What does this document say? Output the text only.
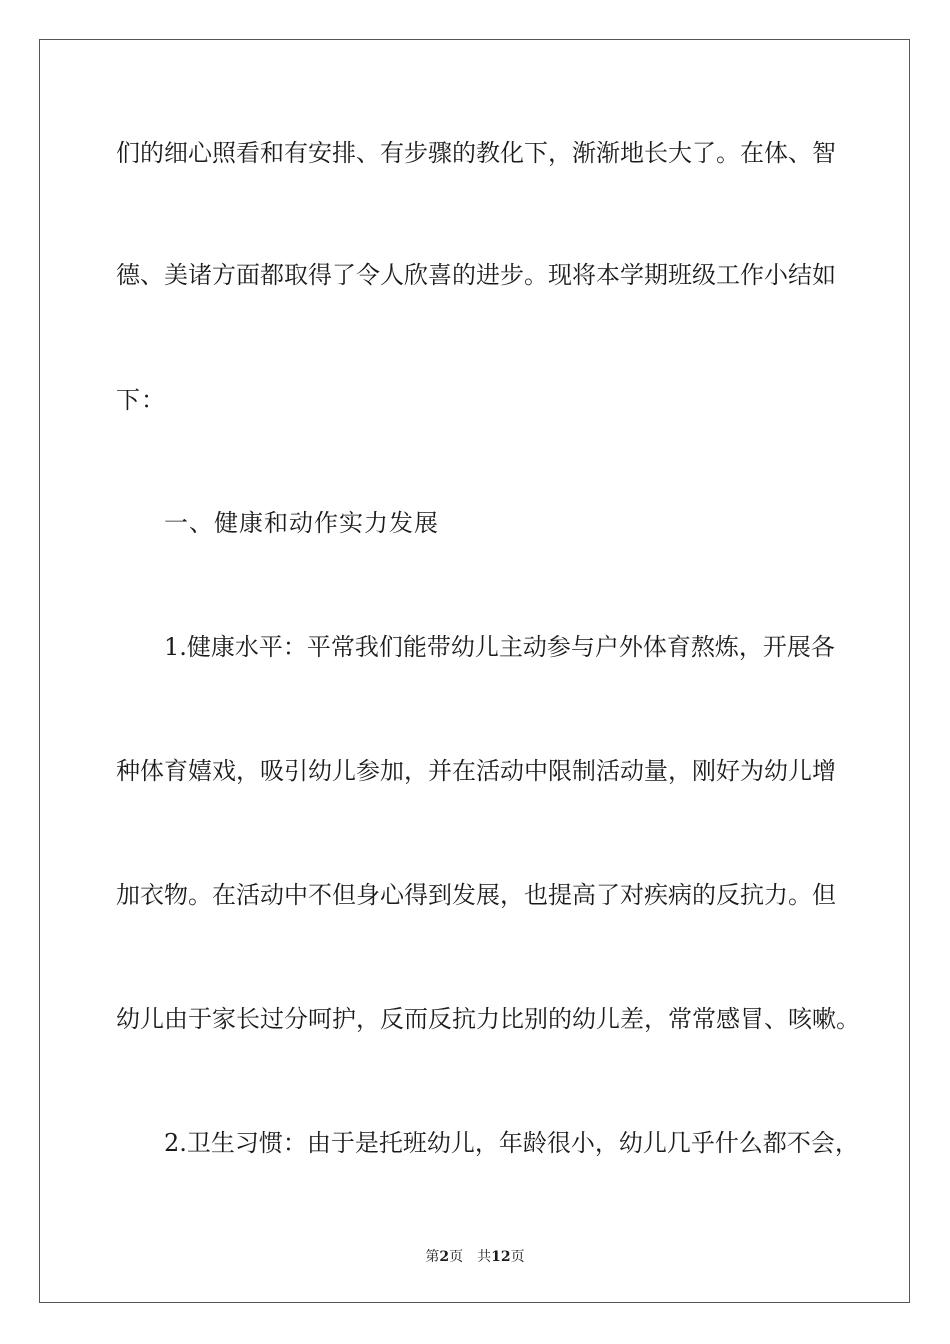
们的细心照看和有安排、有步骤的教化下，渐渐地长大了。在体、智
德、美诸方面都取得了令人欣喜的进步。现将本学期班级工作小结如
下：
一、健康和动作实力发展
1.健康水平：平常我们能带幼儿主动参与户外体育熬炼，开展各
种体育嬉戏，吸引幼儿参加，并在活动中限制活动量，刚好为幼儿增
加衣物。在活动中不但身心得到发展，也提高了对疾病的反抗力。但
幼儿由于家长过分呵护，反而反抗力比别的幼儿差，常常感冒、咳嗽。
2.卫生习惯：由于是托班幼儿，年龄很小，幼儿几乎什么都不会，
第2页 共12页
